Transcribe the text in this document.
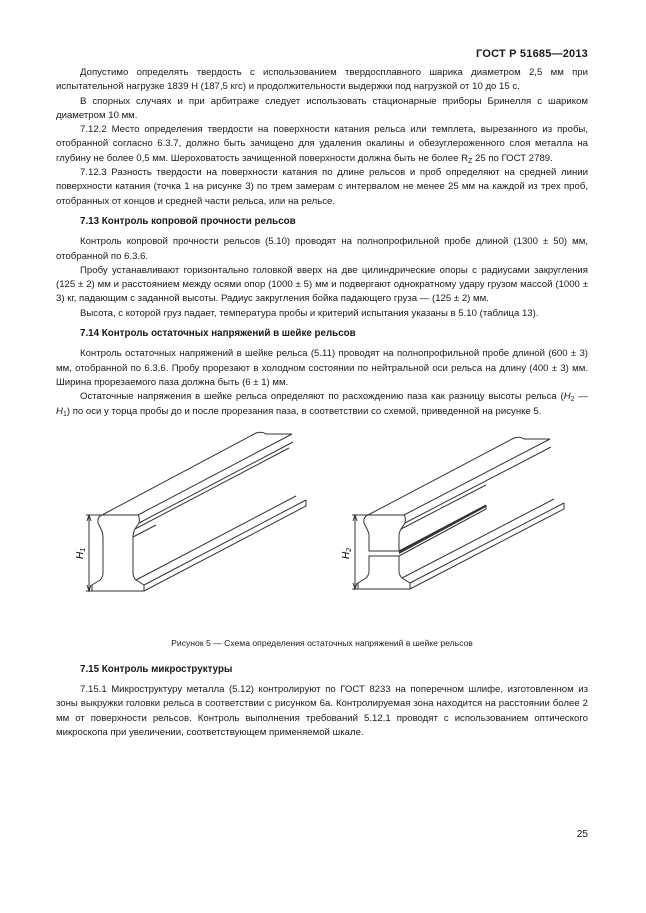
ГОСТ Р 51685—2013

Допустимо определять твердость с использованием твердосплавного шарика диаметром 2,5 мм при испытательной нагрузке 1839 Н (187,5 кгс) и продолжительности выдержки под нагрузкой от 10 до 15 с.

В спорных случаях и при арбитраже следует использовать стационарные приборы Бринелля с шариком диаметром 10 мм.

7.12.2 Место определения твердости на поверхности катания рельса или темплета, вырезанного из пробы, отобранной согласно 6.3.7, должно быть зачищено для удаления окалины и обезуглероженного слоя металла на глубину не более 0,5 мм. Шероховатость зачищенной поверхности должна быть не более $R_Z$ 25 по ГОСТ 2789.

7.12.3 Разность твердости на поверхности катания по длине рельсов и проб определяют на средней линии поверхности катания (точка 1 на рисунке 3) по трем замерам с интервалом не менее 25 мм на каждой из трех проб, отобранных от концов и средней части рельса, или на рельсе.

7.13 Контроль копровой прочности рельсов

Контроль копровой прочности рельсов (5.10) проводят на полнопрофильной пробе длиной (1300 ± 50) мм, отобранной по 6.3.6.

Пробу устанавливают горизонтально головкой вверх на две цилиндрические опоры с радиусами закругления (125 ± 2) мм и расстоянием между осями опор (1000 ± 5) мм и подвергают однократному удару грузом массой (1000 ± 3) кг, падающим с заданной высоты. Радиус закругления бойка падающего груза — (125 ± 2) мм.

Высота, с которой груз падает, температура пробы и критерий испытания указаны в 5.10 (таблица 13).

7.14 Контроль остаточных напряжений в шейке рельсов

Контроль остаточных напряжений в шейке рельса (5.11) проводят на полнопрофильной пробе длиной (600 ± 3) мм, отобранной по 6.3.6. Пробу прорезают в холодном состоянии по нейтральной оси рельса на длину (400 ± 3) мм. Ширина прорезаемого паза должна быть (6 ± 1) мм.

Остаточные напряжения в шейке рельса определяют по расхождению паза как разницу высоты рельса ($H_2$ — $H_1$) по оси у торца пробы до и после прорезания паза, в соответствии со схемой, приведенной на рисунке 5.

$H_1$
$H_2$
Рисунок 5 — Схема определения остаточных напряжений в шейке рельсов
7.15 Контроль микроструктуры

7.15.1 Микроструктуру металла (5.12) контролируют по ГОСТ 8233 на поперечном шлифе, изготовленном из зоны выкружки головки рельса в соответствии с рисунком 6а. Контролируемая зона находится на расстоянии более 2 мм от поверхности рельсов. Контроль выполнения требований 5.12.1 проводят с использованием оптического микроскопа при увеличении, соответствующем применяемой шкале.

25
